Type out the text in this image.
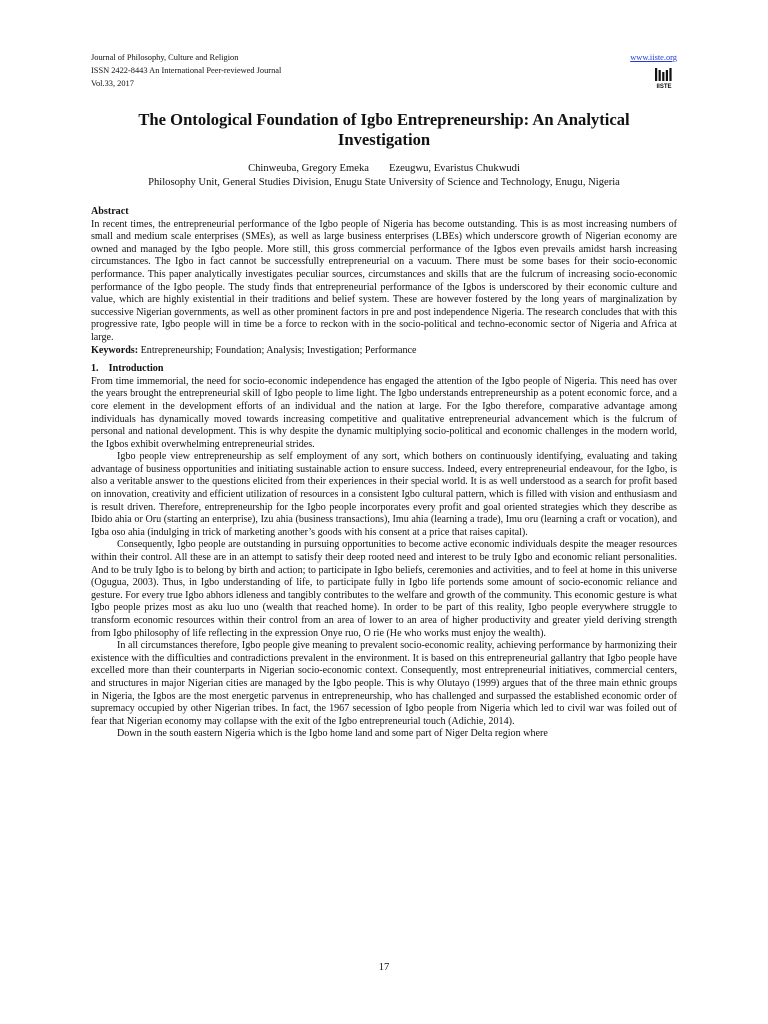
Journal of Philosophy, Culture and Religion
ISSN 2422-8443 An International Peer-reviewed Journal
Vol.33, 2017
www.iiste.org
IISTE
The Ontological Foundation of Igbo Entrepreneurship: An Analytical Investigation
Chinweuba, Gregory Emeka Ezeugwu, Evaristus Chukwudi
Philosophy Unit, General Studies Division, Enugu State University of Science and Technology, Enugu, Nigeria

Abstract

In recent times, the entrepreneurial performance of the Igbo people of Nigeria has become outstanding. This is as most increasing numbers of small and medium scale enterprises (SMEs), as well as large business enterprises (LBEs) which underscore growth of Nigerian economy are owned and managed by the Igbo people. More still, this gross commercial performance of the Igbos even prevails amidst harsh increasing circumstances. The Igbo in fact cannot be successfully entrepreneurial on a vacuum. There must be some bases for their socio-economic performance. This paper analytically investigates peculiar sources, circumstances and skills that are the fulcrum of increasing socio-economic performance of the Igbo people. The study finds that entrepreneurial performance of the Igbos is underscored by their economic culture and value, which are highly existential in their traditions and belief system. These are however fostered by the long years of marginalization by successive Nigerian governments, as well as other prominent factors in pre and post independence Nigeria. The research concludes that with this progressive rate, Igbo people will in time be a force to reckon with in the socio-political and techno-economic sector of Nigeria and Africa at large.

Keywords: Entrepreneurship; Foundation; Analysis; Investigation; Performance

1.    Introduction

From time immemorial, the need for socio-economic independence has engaged the attention of the Igbo people of Nigeria. This need has over the years brought the entrepreneurial skill of Igbo people to lime light. The Igbo understands entrepreneurship as a potent economic force, and a core element in the development efforts of an individual and the nation at large. For the Igbo therefore, comparative advantage among individuals has dynamically moved towards increasing competitive and qualitative entrepreneurial advancement which is the fulcrum of personal and national development. This is why despite the dynamic multiplying socio-political and economic challenges in the modern world, the Igbos exhibit overwhelming entrepreneurial strides.

Igbo people view entrepreneurship as self employment of any sort, which bothers on continuously identifying, evaluating and taking advantage of business opportunities and initiating sustainable action to ensure success. Indeed, every entrepreneurial endeavour, for the Igbo, is also a veritable answer to the questions elicited from their experiences in their special world. It is as well understood as a search for profit based on innovation, creativity and efficient utilization of resources in a consistent Igbo cultural pattern, which is filled with vision and enthusiasm and is result driven. Therefore, entrepreneurship for the Igbo people incorporates every profit and goal oriented strategies which they describe as Ibido ahia or Oru (starting an enterprise), Izu ahia (business transactions), Imu ahia (learning a trade), Imu oru (learning a craft or vocation), and Igba oso ahia (indulging in trick of marketing another’s goods with his consent at a price that raises capital).

Consequently, Igbo people are outstanding in pursuing opportunities to become active economic individuals despite the meager resources within their control. All these are in an attempt to satisfy their deep rooted need and interest to be truly Igbo and economic reliant personalities. And to be truly Igbo is to belong by birth and action; to participate in Igbo beliefs, ceremonies and activities, and to feel at home in this universe (Ogugua, 2003). Thus, in Igbo understanding of life, to participate fully in Igbo life portends some amount of socio-economic reliance and gesture. For every true Igbo abhors idleness and tangibly contributes to the welfare and growth of the community. This economic gesture is what Igbo people prizes most as aku luo uno (wealth that reached home). In order to be part of this reality, Igbo people everywhere struggle to transform economic resources within their control from an area of lower to an area of higher productivity and greater yield deriving strength from Igbo philosophy of life reflecting in the expression Onye ruo, O rie (He who works must enjoy the wealth).

In all circumstances therefore, Igbo people give meaning to prevalent socio-economic reality, achieving performance by harmonizing their existence with the difficulties and contradictions prevalent in the environment. It is based on this entrepreneurial gallantry that Igbo people have excelled more than their counterparts in Nigerian socio-economic context. Consequently, most entrepreneurial initiatives, commercial centers, and structures in major Nigerian cities are managed by the Igbo people. This is why Olutayo (1999) argues that of the three main ethnic groups in Nigeria, the Igbos are the most energetic parvenus in entrepreneurship, who has challenged and surpassed the established economic order of supremacy occupied by other Nigerian tribes. In fact, the 1967 secession of Igbo people from Nigeria which led to civil war was foiled out of fear that Nigerian economy may collapse with the exit of the Igbo entrepreneurial touch (Adichie, 2014).

Down in the south eastern Nigeria which is the Igbo home land and some part of Niger Delta region where

17
